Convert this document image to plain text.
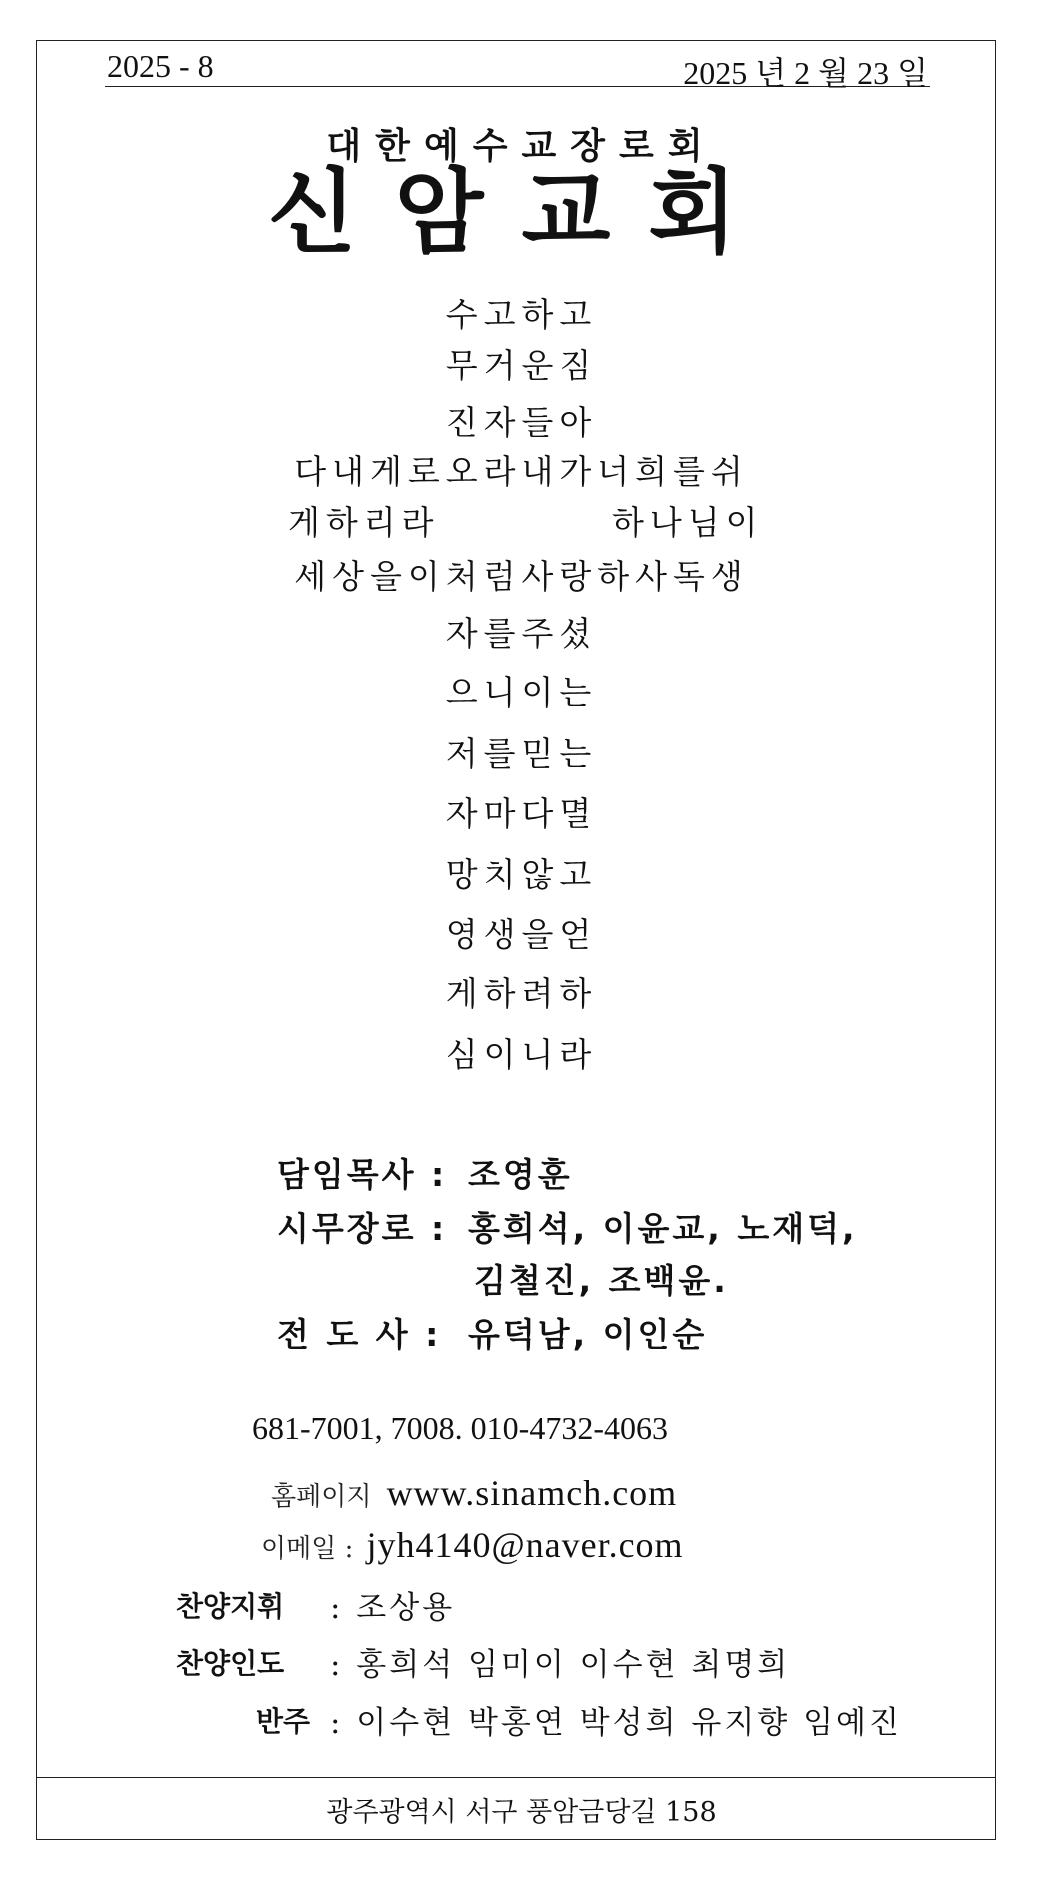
2025 - 8	2025 년 2 월 23 일
대한예수교장로회
신암교회
수고하고
무거운짐
진자들아
다내게로오라내가너희를쉬
게하리라	하나님이
세상을이처럼사랑하사독생
자를주셨
으니이는
저를믿는
자마다멸
망치않고
영생을얻
게하려하
심이니라
담임목사 : 조영훈
시무장로 : 홍희석, 이윤교, 노재덕,
김철진, 조백윤.
전 도 사 : 유덕남, 이인순
681-7001, 7008. 010-4732-4063
홈페이지 www.sinamch.com
이메일 : jyh4140@naver.com
찬양지휘 : 조상용
찬양인도 : 홍희석 임미이 이수현 최명희
반주 : 이수현 박홍연 박성희 유지향 임예진
광주광역시 서구 풍암금당길 158
